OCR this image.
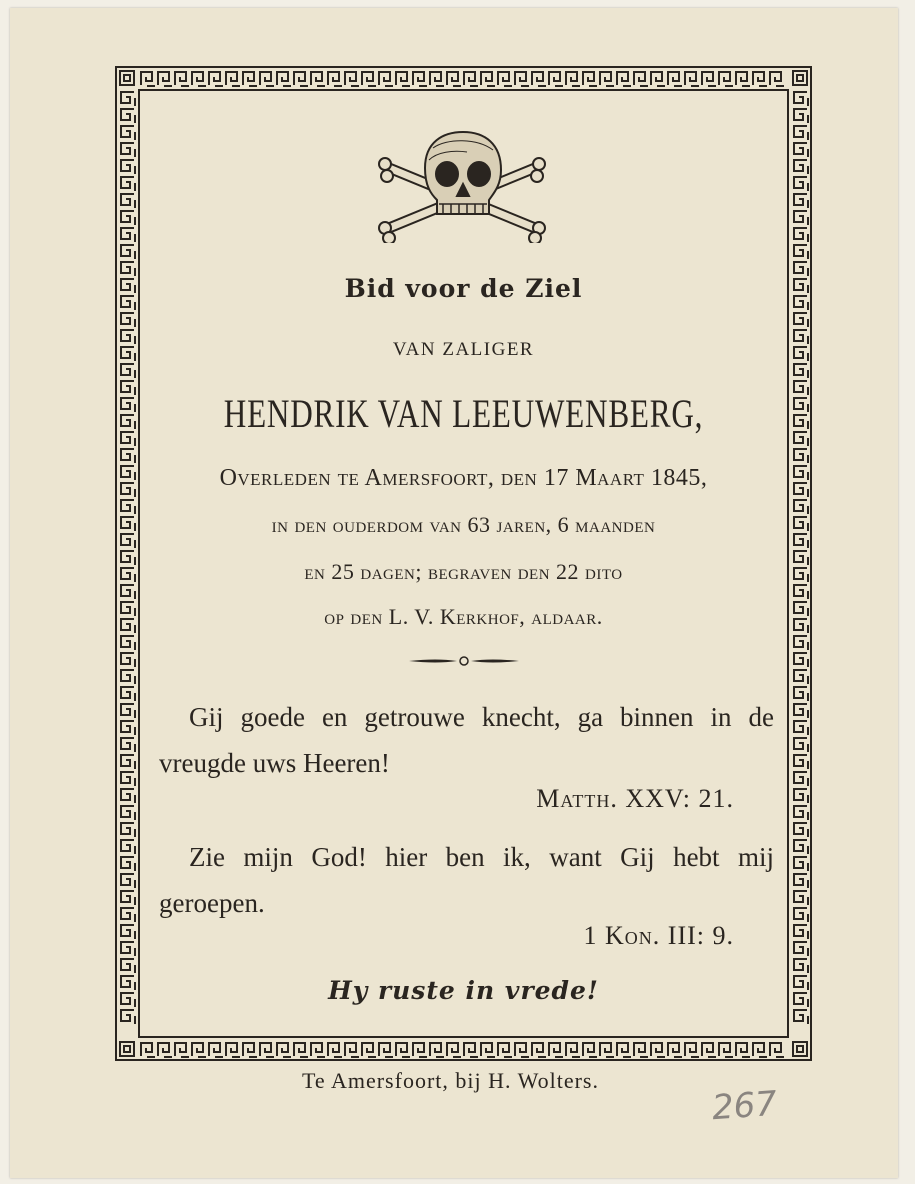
Bid voor de Ziel
VAN ZALIGER
HENDRIK VAN LEEUWENBERG,
Overleden te Amersfoort, den 17 Maart 1845,
in den ouderdom van 63 jaren, 6 maanden
en 25 dagen; begraven den 22 dito
op den L. V. Kerkhof, aldaar.
Gij goede en getrouwe knecht, ga binnen in de vreugde uws Heeren!
Matth. XXV: 21.
Zie mijn God! hier ben ik, want Gij hebt mij geroepen.
1 Kon. III: 9.
Hy ruste in vrede!
Te Amersfoort, bij H. Wolters.
267
